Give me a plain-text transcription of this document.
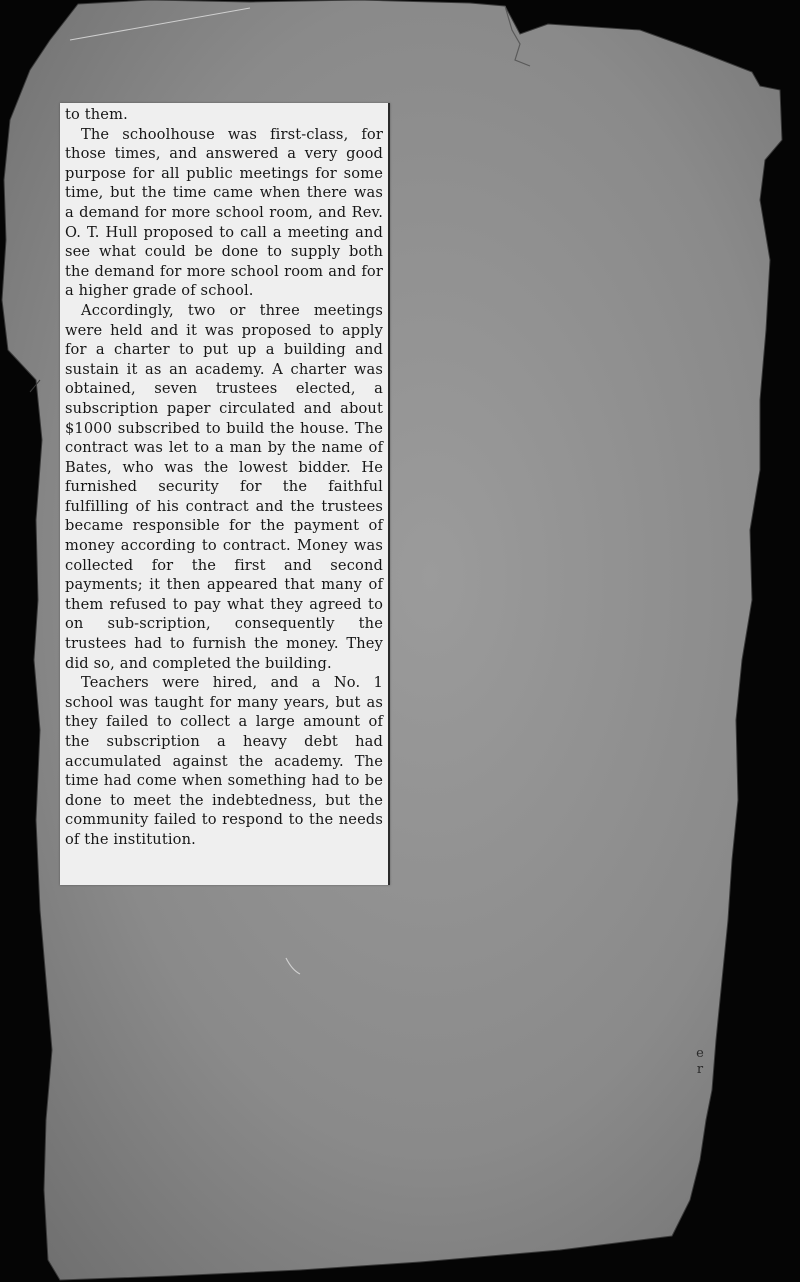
to them.

The schoolhouse was first-class, for those times, and answered a very good purpose for all public meetings for some time, but the time came when there was a demand for more school room, and Rev. O. T. Hull proposed to call a meeting and see what could be done to supply both the demand for more school room and for a higher grade of school.

Accordingly, two or three meetings were held and it was proposed to apply for a charter to put up a building and sustain it as an academy. A charter was obtained, seven trustees elected, a subscription paper circulated and about $1000 subscribed to build the house. The contract was let to a man by the name of Bates, who was the lowest bidder. He furnished security for the faithful fulfilling of his contract and the trustees became responsible for the payment of money according to contract. Money was collected for the first and second payments; it then appeared that many of them refused to pay what they agreed to on sub-scription, consequently the trustees had to furnish the money. They did so, and completed the building.

Teachers were hired, and a No. 1 school was taught for many years, but as they failed to collect a large amount of the subscription a heavy debt had accumulated against the academy. The time had come when something had to be done to meet the indebtedness, but the community failed to respond to the needs of the institution.

e
r
